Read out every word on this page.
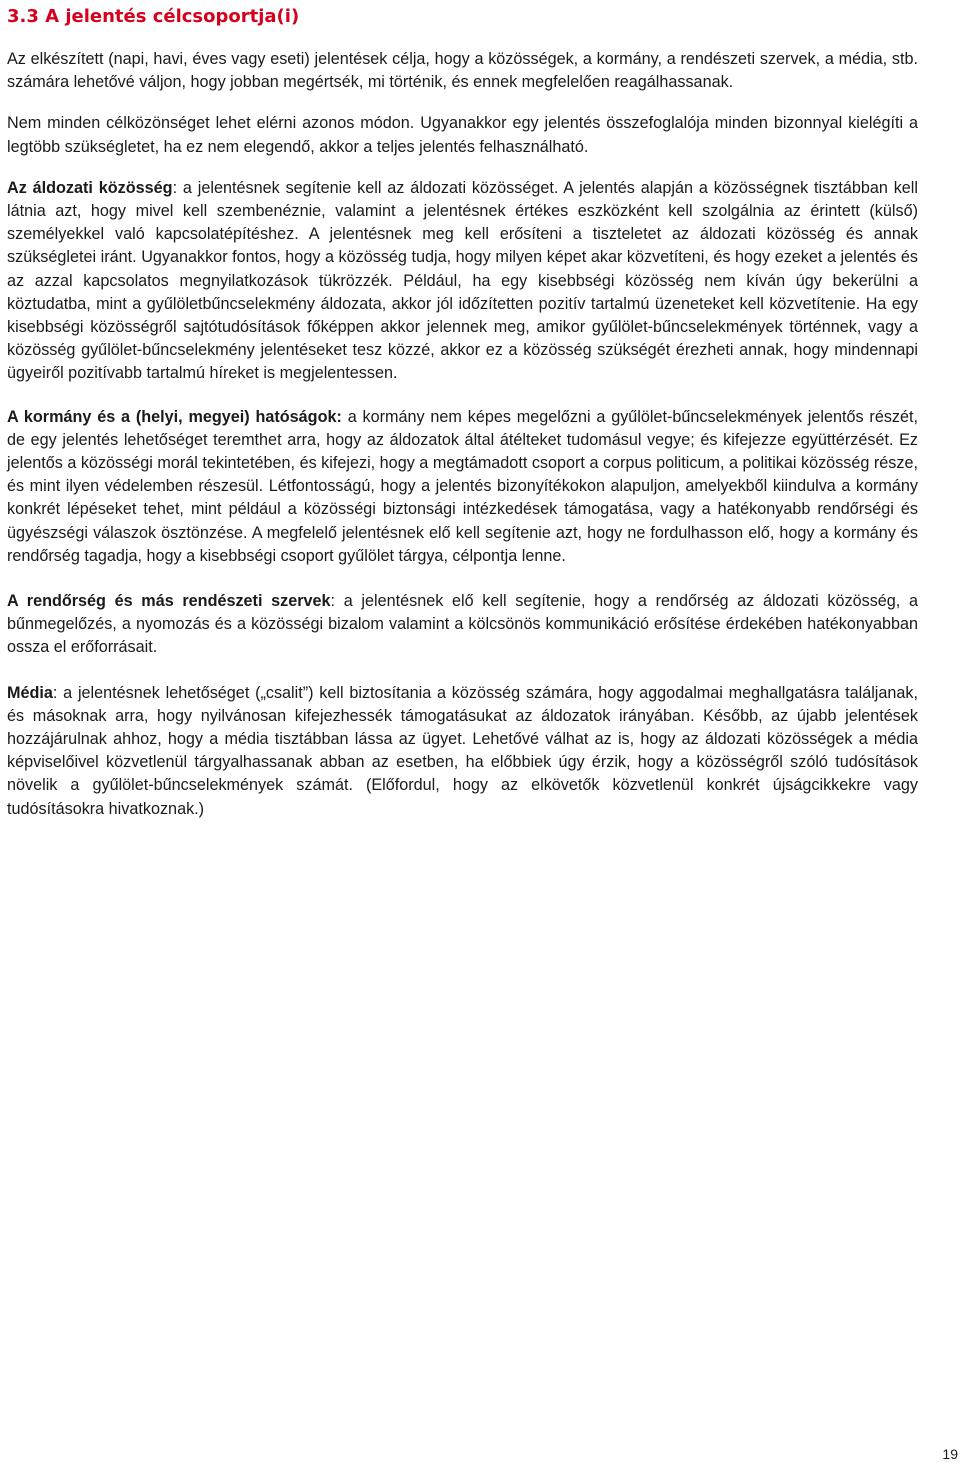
3.3 A jelentés célcsoportja(i)

Az elkészített (napi, havi, éves vagy eseti) jelentések célja, hogy a közösségek, a kormány, a rendészeti szervek, a média, stb. számára lehetővé váljon, hogy jobban megértsék, mi történik, és ennek megfelelően reagálhassanak.

Nem minden célközönséget lehet elérni azonos módon. Ugyanakkor egy jelentés összefoglalója minden bizonnyal kielégíti a legtöbb szükségletet, ha ez nem elegendő, akkor a teljes jelentés felhasználható.

Az áldozati közösség: a jelentésnek segítenie kell az áldozati közösséget. A jelentés alapján a közösségnek tisztábban kell látnia azt, hogy mivel kell szembenéznie, valamint a jelentésnek értékes eszközként kell szolgálnia az érintett (külső) személyekkel való kapcsolatépítéshez. A jelentésnek meg kell erősíteni a tiszteletet az áldozati közösség és annak szükségletei iránt. Ugyanakkor fontos, hogy a közösség tudja, hogy milyen képet akar közvetíteni, és hogy ezeket a jelentés és az azzal kapcsolatos megnyilatkozások tükrözzék. Például, ha egy kisebbségi közösség nem kíván úgy bekerülni a köztudatba, mint a gyűlöletbűncselekmény áldozata, akkor jól időzítetten pozitív tartalmú üzeneteket kell közvetítenie. Ha egy kisebbségi közösségről sajtótudósítások főképpen akkor jelennek meg, amikor gyűlölet-bűncselekmények történnek, vagy a közösség gyűlölet-bűncselekmény jelentéseket tesz közzé, akkor ez a közösség szükségét érezheti annak, hogy mindennapi ügyeiről pozitívabb tartalmú híreket is megjelentessen.

A kormány és a (helyi, megyei) hatóságok: a kormány nem képes megelőzni a gyűlölet-bűncselekmények jelentős részét, de egy jelentés lehetőséget teremthet arra, hogy az áldozatok által átélteket tudomásul vegye; és kifejezze együttérzését. Ez jelentős a közösségi morál tekintetében, és kifejezi, hogy a megtámadott csoport a corpus politicum, a politikai közösség része, és mint ilyen védelemben részesül. Létfontosságú, hogy a jelentés bizonyítékokon alapuljon, amelyekből kiindulva a kormány konkrét lépéseket tehet, mint például a közösségi biztonsági intézkedések támogatása, vagy a hatékonyabb rendőrségi és ügyészségi válaszok ösztönzése. A megfelelő jelentésnek elő kell segítenie azt, hogy ne fordulhasson elő, hogy a kormány és rendőrség tagadja, hogy a kisebbségi csoport gyűlölet tárgya, célpontja lenne.

A rendőrség és más rendészeti szervek: a jelentésnek elő kell segítenie, hogy a rendőrség az áldozati közösség, a bűnmegelőzés, a nyomozás és a közösségi bizalom valamint a kölcsönös kommunikáció erősítése érdekében hatékonyabban ossza el erőforrásait.

Média: a jelentésnek lehetőséget („csalit”) kell biztosítania a közösség számára, hogy aggodalmai meghallgatásra találjanak, és másoknak arra, hogy nyilvánosan kifejezhessék támogatásukat az áldozatok irányában. Később, az újabb jelentések hozzájárulnak ahhoz, hogy a média tisztábban lássa az ügyet. Lehetővé válhat az is, hogy az áldozati közösségek a média képviselőivel közvetlenül tárgyalhassanak abban az esetben, ha előbbiek úgy érzik, hogy a közösségről szóló tudósítások növelik a gyűlölet-bűncselekmények számát. (Előfordul, hogy az elkövetők közvetlenül konkrét újságcikkekre vagy tudósításokra hivatkoznak.)

19
